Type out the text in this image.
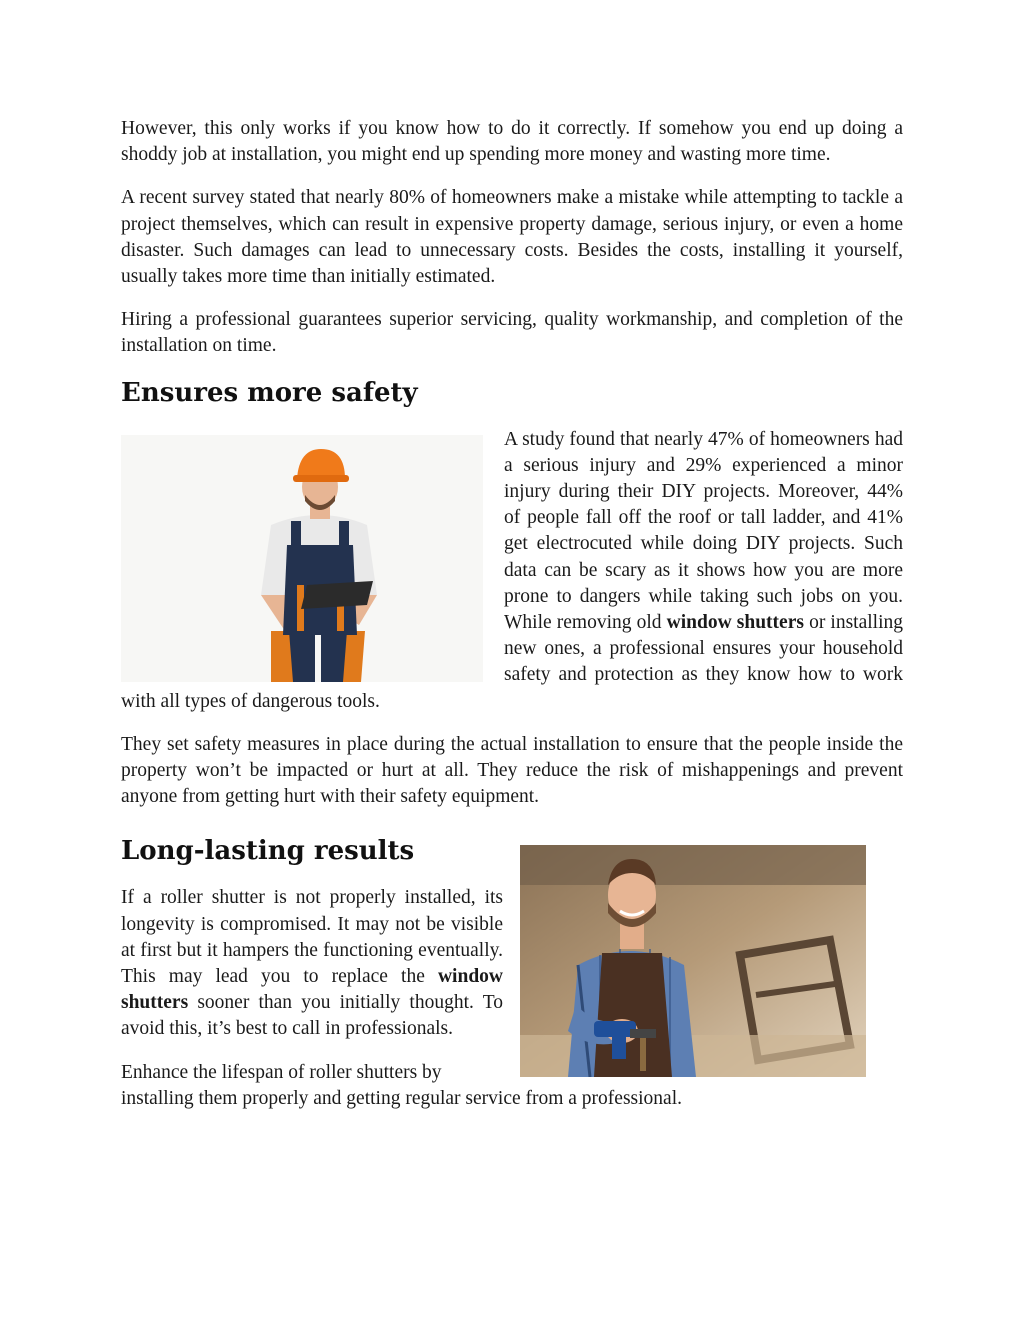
However, this only works if you know how to do it correctly. If somehow you end up doing a shoddy job at installation, you might end up spending more money and wasting more time.

A recent survey stated that nearly 80% of homeowners make a mistake while attempting to tackle a project themselves, which can result in expensive property damage, serious injury, or even a home disaster. Such damages can lead to unnecessary costs. Besides the costs, installing it yourself, usually takes more time than initially estimated.

Hiring a professional guarantees superior servicing, quality workmanship, and completion of the installation on time.

Ensures more safety

A study found that nearly 47% of homeowners had a serious injury and 29% experienced a minor injury during their DIY projects. Moreover, 44% of people fall off the roof or tall ladder, and 41% get electrocuted while doing DIY projects. Such data can be scary as it shows how you are more prone to dangers while taking such jobs on you. While removing old window shutters or installing new ones, a professional ensures your household safety and protection as they know how to work with all types of dangerous tools.

They set safety measures in place during the actual installation to ensure that the people inside the property won’t be impacted or hurt at all. They reduce the risk of mishappenings and prevent anyone from getting hurt with their safety equipment.

Long-lasting results

If a roller shutter is not properly installed, its longevity is compromised. It may not be visible at first but it hampers the functioning eventually. This may lead you to replace the window shutters sooner than you initially thought. To avoid this, it’s best to call in professionals.

Enhance the lifespan of roller shutters by installing them properly and getting regular service from a professional.
